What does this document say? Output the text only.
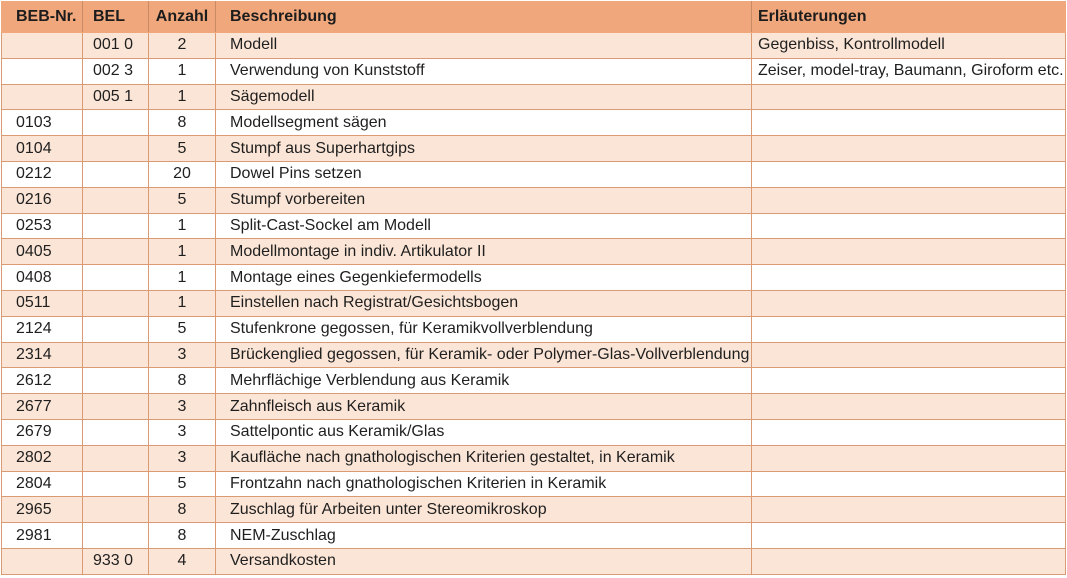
BEB-Nr.	BEL	Anzahl	Beschreibung	Erläuterungen
	001 0	2	Modell	Gegenbiss, Kontrollmodell
	002 3	1	Verwendung von Kunststoff	Zeiser, model-tray, Baumann, Giroform etc.
	005 1	1	Sägemodell	
0103		8	Modellsegment sägen	
0104		5	Stumpf aus Superhartgips	
0212		20	Dowel Pins setzen	
0216		5	Stumpf vorbereiten	
0253		1	Split-Cast-Sockel am Modell	
0405		1	Modellmontage in indiv. Artikulator II	
0408		1	Montage eines Gegenkiefermodells	
0511		1	Einstellen nach Registrat/Gesichtsbogen	
2124		5	Stufenkrone gegossen, für Keramikvollverblendung	
2314		3	Brückenglied gegossen, für Keramik- oder Polymer-Glas-Vollverblendung	
2612		8	Mehrflächige Verblendung aus Keramik	
2677		3	Zahnfleisch aus Keramik	
2679		3	Sattelpontic aus Keramik/Glas	
2802		3	Kaufläche nach gnathologischen Kriterien gestaltet, in Keramik	
2804		5	Frontzahn nach gnathologischen Kriterien in Keramik	
2965		8	Zuschlag für Arbeiten unter Stereomikroskop	
2981		8	NEM-Zuschlag	
	933 0	4	Versandkosten	
